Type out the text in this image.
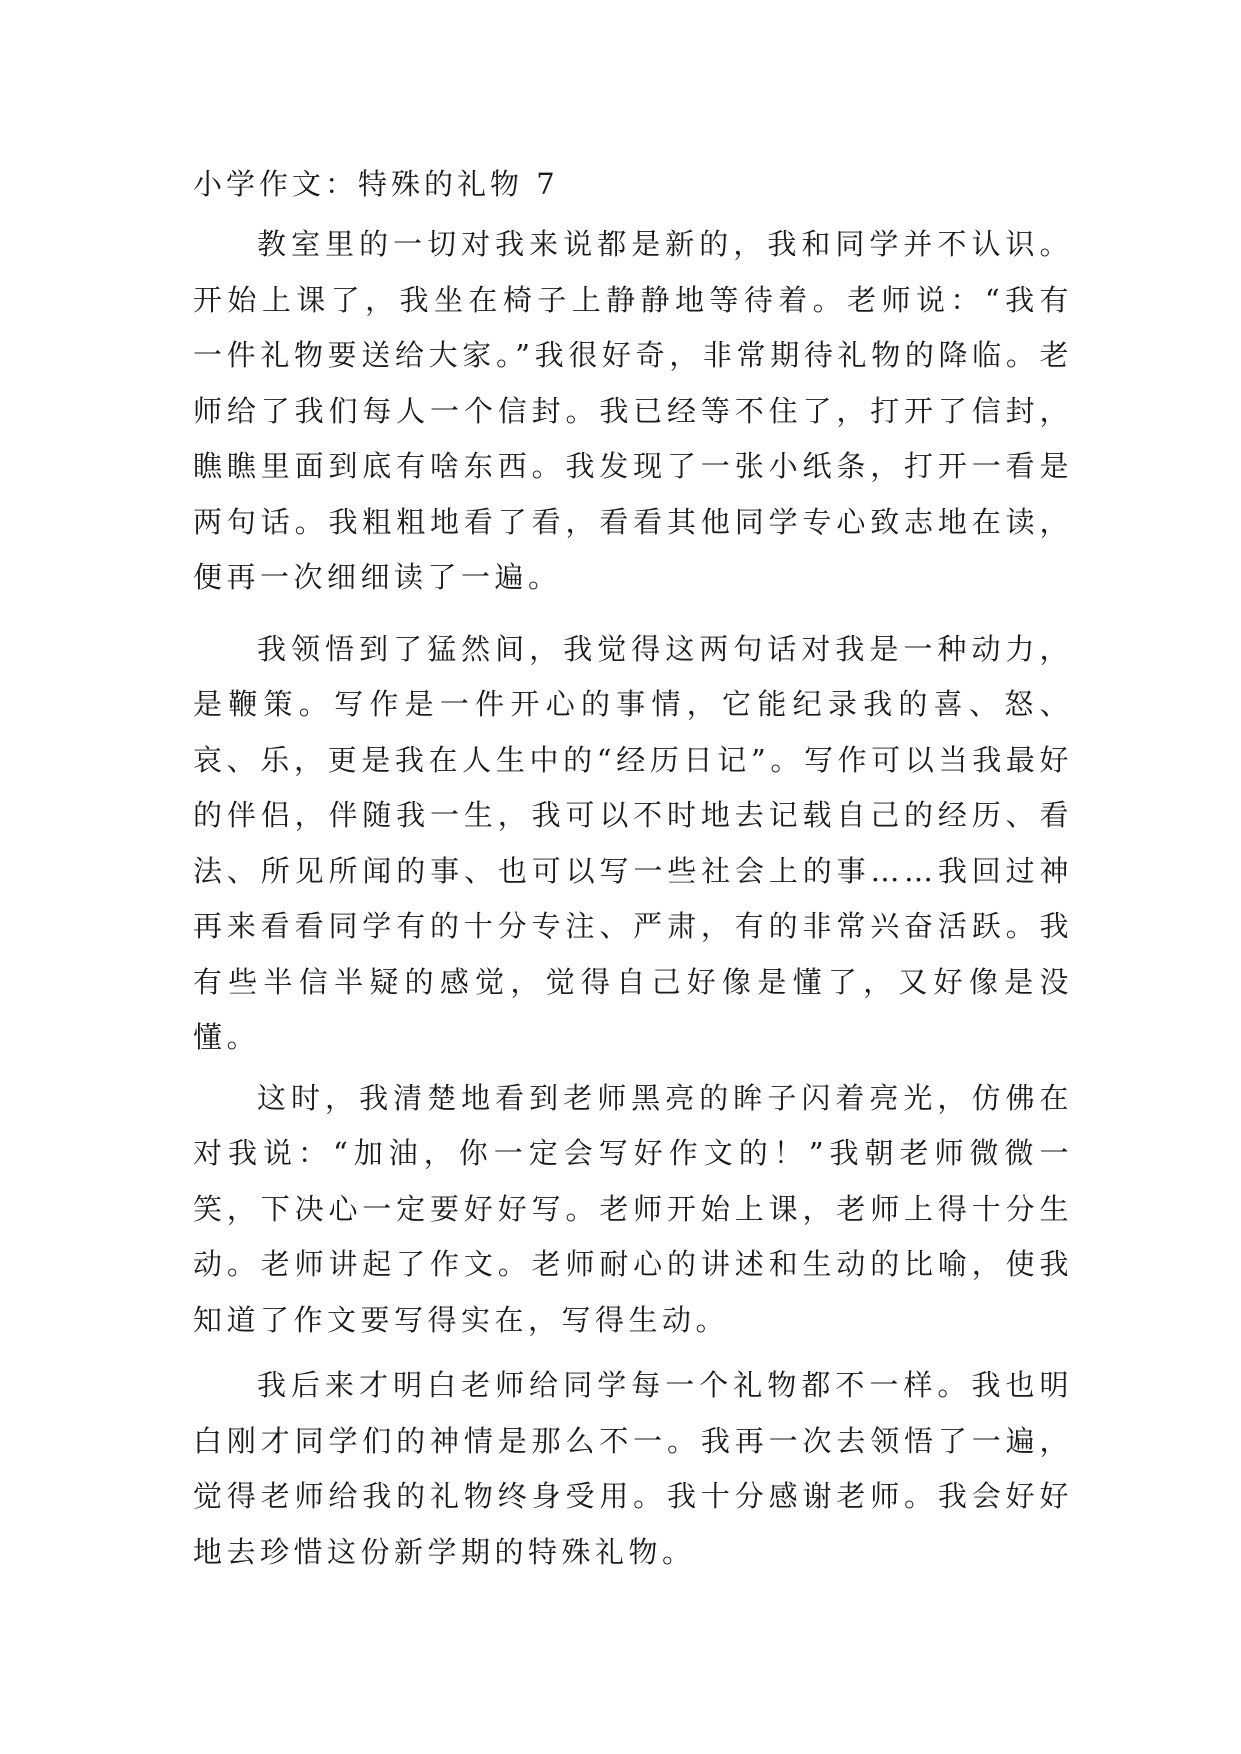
小学作文：特殊的礼物 7

教室里的一切对我来说都是新的，我和同学并不认识。开始上课了，我坐在椅子上静静地等待着。老师说：“我有一件礼物要送给大家。”我很好奇，非常期待礼物的降临。老师给了我们每人一个信封。我已经等不住了，打开了信封，瞧瞧里面到底有啥东西。我发现了一张小纸条，打开一看是两句话。我粗粗地看了看，看看其他同学专心致志地在读，便再一次细细读了一遍。

我领悟到了猛然间，我觉得这两句话对我是一种动力，是鞭策。写作是一件开心的事情，它能纪录我的喜、怒、哀、乐，更是我在人生中的“经历日记”。写作可以当我最好的伴侣，伴随我一生，我可以不时地去记载自己的经历、看法、所见所闻的事、也可以写一些社会上的事……我回过神再来看看同学有的十分专注、严肃，有的非常兴奋活跃。我有些半信半疑的感觉，觉得自己好像是懂了，又好像是没懂。

这时，我清楚地看到老师黑亮的眸子闪着亮光，仿佛在对我说：“加油，你一定会写好作文的！”我朝老师微微一笑，下决心一定要好好写。老师开始上课，老师上得十分生动。老师讲起了作文。老师耐心的讲述和生动的比喻，使我知道了作文要写得实在，写得生动。

我后来才明白老师给同学每一个礼物都不一样。我也明白刚才同学们的神情是那么不一。我再一次去领悟了一遍，觉得老师给我的礼物终身受用。我十分感谢老师。我会好好地去珍惜这份新学期的特殊礼物。
